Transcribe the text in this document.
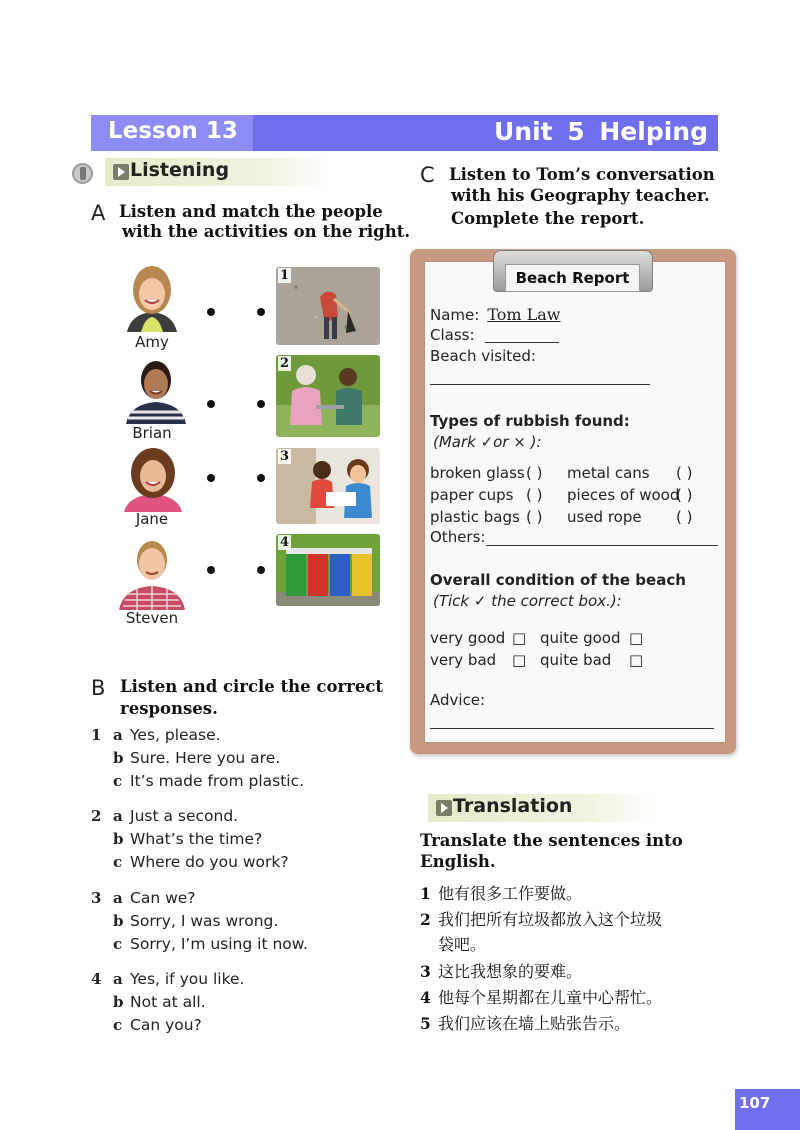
Lesson 13	Unit 5 Helping
Listening
A Listen and match the people
with the activities on the right.
Amy
Brian
Jane
Steven
1
2
3
4
B Listen and circle the correct
responses.
1 a Yes, please.
b Sure. Here you are.
c It’s made from plastic.
2 a Just a second.
b What’s the time?
c Where do you work?
3 a Can we?
b Sorry, I was wrong.
c Sorry, I’m using it now.
4 a Yes, if you like.
b Not at all.
c Can you?
C Listen to Tom’s conversation
with his Geography teacher.
Complete the report.
Beach Report
Name: Tom Law
Class:
Beach visited:
Types of rubbish found:
(Mark ✓or × ):
broken glass ( ) metal cans ( )
paper cups ( ) pieces of wood
( )
plastic bags ( ) used rope ( )
Others:
Overall condition of the beach
(Tick ✓ the correct box.):
very good □ quite good □
very bad □ quite bad □
Advice:
Translation
Translate the sentences into
English.
1 他有很多工作要做。
2 我们把所有垃圾都放入这个垃圾
袋吧。
3 这比我想象的要难。
4 他每个星期都在儿童中心帮忙。
5 我们应该在墙上贴张告示。
107
